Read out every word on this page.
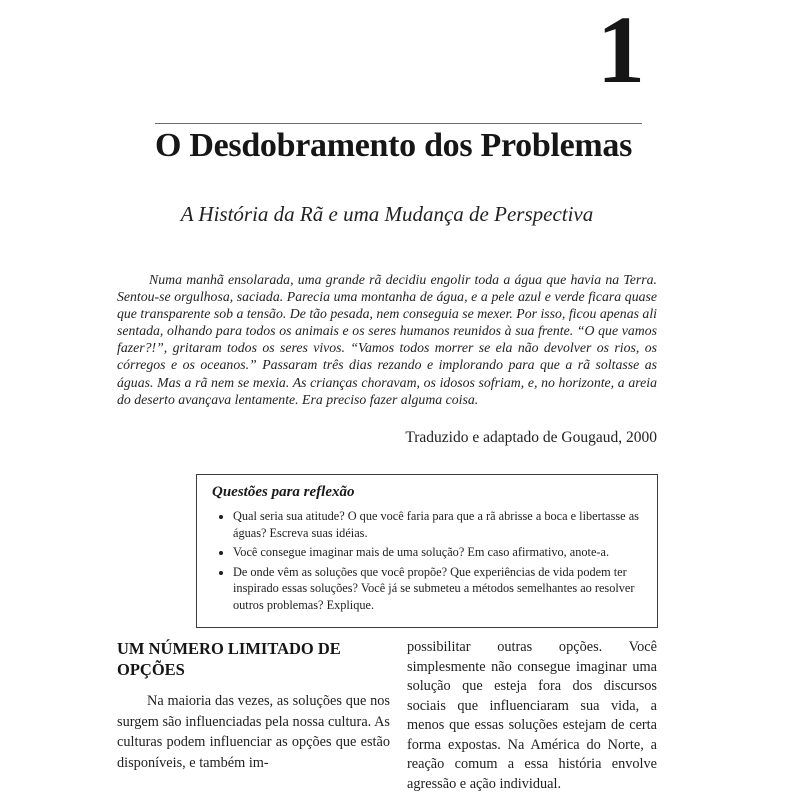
1
O Desdobramento dos Problemas
A História da Rã e uma Mudança de Perspectiva

Numa manhã ensolarada, uma grande rã decidiu engolir toda a água que havia na Terra. Sentou-se orgulhosa, saciada. Parecia uma montanha de água, e a pele azul e verde ficara quase que transparente sob a tensão. De tão pesada, nem conseguia se mexer. Por isso, ficou apenas ali sentada, olhando para todos os animais e os seres humanos reunidos à sua frente. “O que vamos fazer?!”, gritaram todos os seres vivos. “Vamos todos morrer se ela não devolver os rios, os córregos e os oceanos.” Passaram três dias rezando e implorando para que a rã soltasse as águas. Mas a rã nem se mexia. As crianças choravam, os idosos sofriam, e, no horizonte, a areia do deserto avançava lentamente. Era preciso fazer alguma coisa.

Traduzido e adaptado de Gougaud, 2000

Questões para reflexão
• Qual seria sua atitude? O que você faria para que a rã abrisse a boca e libertasse as águas? Escreva suas idéias.
• Você consegue imaginar mais de uma solução? Em caso afirmativo, anote-a.
• De onde vêm as soluções que você propõe? Que experiências de vida podem ter inspirado essas soluções? Você já se submeteu a métodos semelhantes ao resolver outros problemas? Explique.
UM NÚMERO LIMITADO DE OPÇÕES

Na maioria das vezes, as soluções que nos surgem são influenciadas pela nossa cultura. As culturas podem influenciar as opções que estão disponíveis, e também im-

possibilitar outras opções. Você simplesmente não consegue imaginar uma solução que esteja fora dos discursos sociais que influenciaram sua vida, a menos que essas soluções estejam de certa forma expostas. Na América do Norte, a reação comum a essa história envolve agressão e ação individual.
